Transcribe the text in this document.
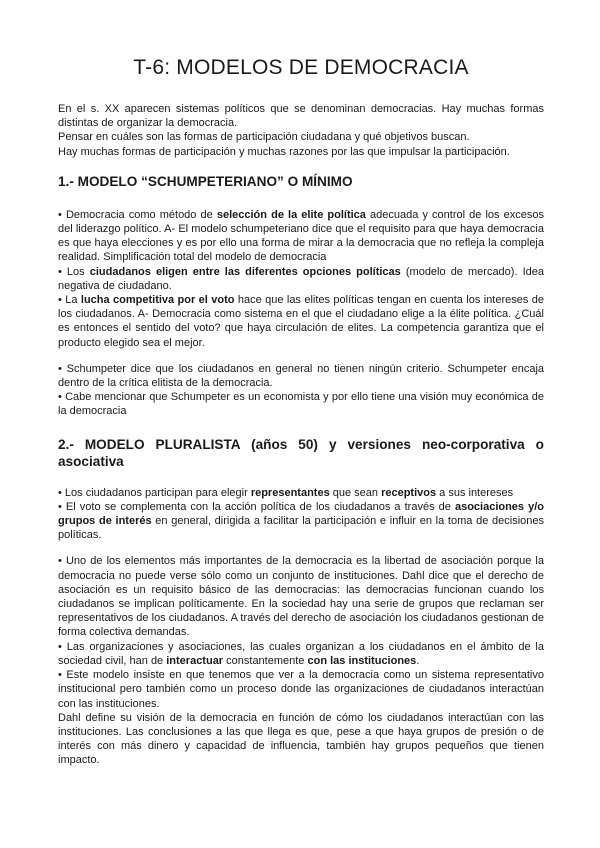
T-6: MODELOS DE DEMOCRACIA

En el s. XX aparecen sistemas políticos que se denominan democracias. Hay muchas formas distintas de organizar la democracia.

Pensar en cuáles son las formas de participación ciudadana y qué objetivos buscan.

Hay muchas formas de participación y muchas razones por las que impulsar la participación.

1.- MODELO “SCHUMPETERIANO” O MÍNIMO

• Democracia como método de selección de la elite política adecuada y control de los excesos del liderazgo político. A- El modelo schumpeteriano dice que el requisito para que haya democracia es que haya elecciones y es por ello una forma de mirar a la democracia que no refleja la compleja realidad. Simplificación total del modelo de democracia

• Los ciudadanos eligen entre las diferentes opciones políticas (modelo de mercado). Idea negativa de ciudadano.

• La lucha competitiva por el voto hace que las elites políticas tengan en cuenta los intereses de los ciudadanos. A- Democracia como sistema en el que el ciudadano elige a la élite política. ¿Cuál es entonces el sentido del voto? que haya circulación de elites. La competencia garantiza que el producto elegido sea el mejor.

• Schumpeter dice que los ciudadanos en general no tienen ningún criterio. Schumpeter encaja dentro de la crítica elitista de la democracia.

• Cabe mencionar que Schumpeter es un economista y por ello tiene una visión muy económica de la democracia

2.- MODELO PLURALISTA (años 50) y versiones neo-corporativa o asociativa

• Los ciudadanos participan para elegir representantes que sean receptivos a sus intereses

• El voto se complementa con la acción política de los ciudadanos a través de asociaciones y/o grupos de interés en general, dirigida a facilitar la participación e influir en la toma de decisiones políticas.

• Uno de los elementos más importantes de la democracia es la libertad de asociación porque la democracia no puede verse sólo como un conjunto de instituciones. Dahl dice que el derecho de asociación es un requisito básico de las democracias: las democracias funcionan cuando los ciudadanos se implican políticamente. En la sociedad hay una serie de grupos que reclaman ser representativos de los ciudadanos. A través del derecho de asociación los ciudadanos gestionan de forma colectiva demandas.

• Las organizaciones y asociaciones, las cuales organizan a los ciudadanos en el ámbito de la sociedad civil, han de interactuar constantemente con las instituciones.

• Este modelo insiste en que tenemos que ver a la democracia como un sistema representativo institucional pero también como un proceso donde las organizaciones de ciudadanos interactúan con las instituciones.

Dahl define su visión de la democracia en función de cómo los ciudadanos interactúan con las instituciones. Las conclusiones a las que llega es que, pese a que haya grupos de presión o de interés con más dinero y capacidad de influencia, también hay grupos pequeños que tienen impacto.
